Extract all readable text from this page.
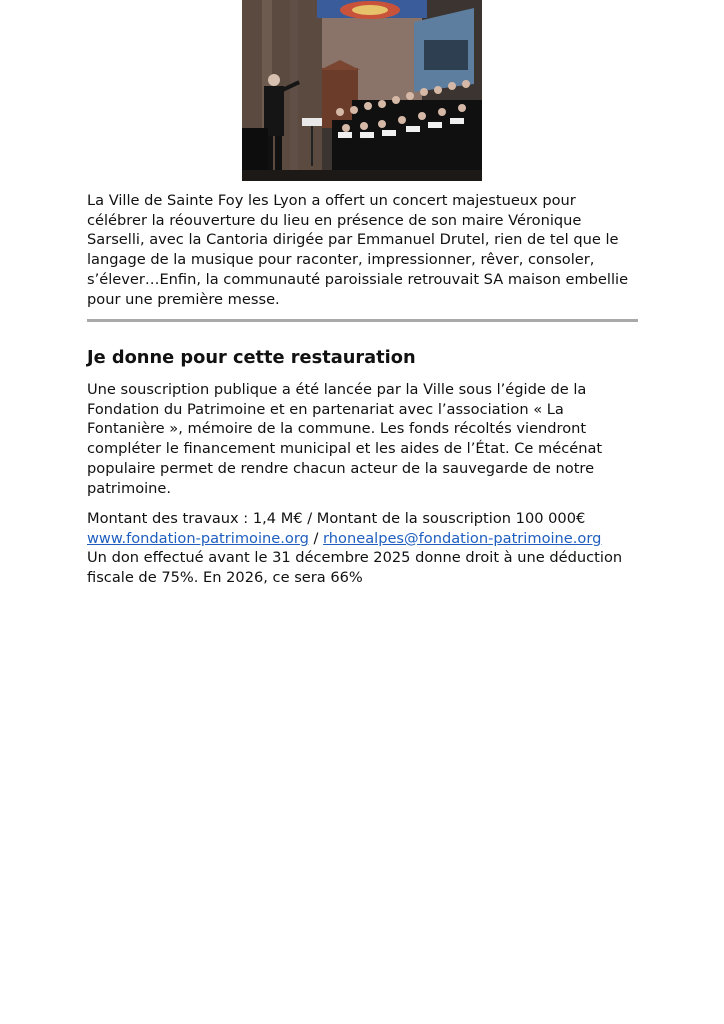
La Ville de Sainte Foy les Lyon a offert un concert majestueux pour célébrer la réouverture du lieu en présence de son maire Véronique Sarselli, avec la Cantoria dirigée par Emmanuel Drutel, rien de tel que le langage de la musique pour raconter, impressionner, rêver, consoler, s’élever…Enfin, la communauté paroissiale retrouvait SA maison embellie pour une première messe.

Je donne pour cette restauration

Une souscription publique a été lancée par la Ville sous l’égide de la Fondation du Patrimoine et en partenariat avec l’association « La Fontanière », mémoire de la commune. Les fonds récoltés viendront compléter le financement municipal et les aides de l’État. Ce mécénat populaire permet de rendre chacun acteur de la sauvegarde de notre patrimoine.

Montant des travaux : 1,4 M€ / Montant de la souscription 100 000€

www.fondation-patrimoine.org / rhonealpes@fondation-patrimoine.org

Un don effectué avant le 31 décembre 2025 donne droit à une déduction fiscale de 75%. En 2026, ce sera 66%
